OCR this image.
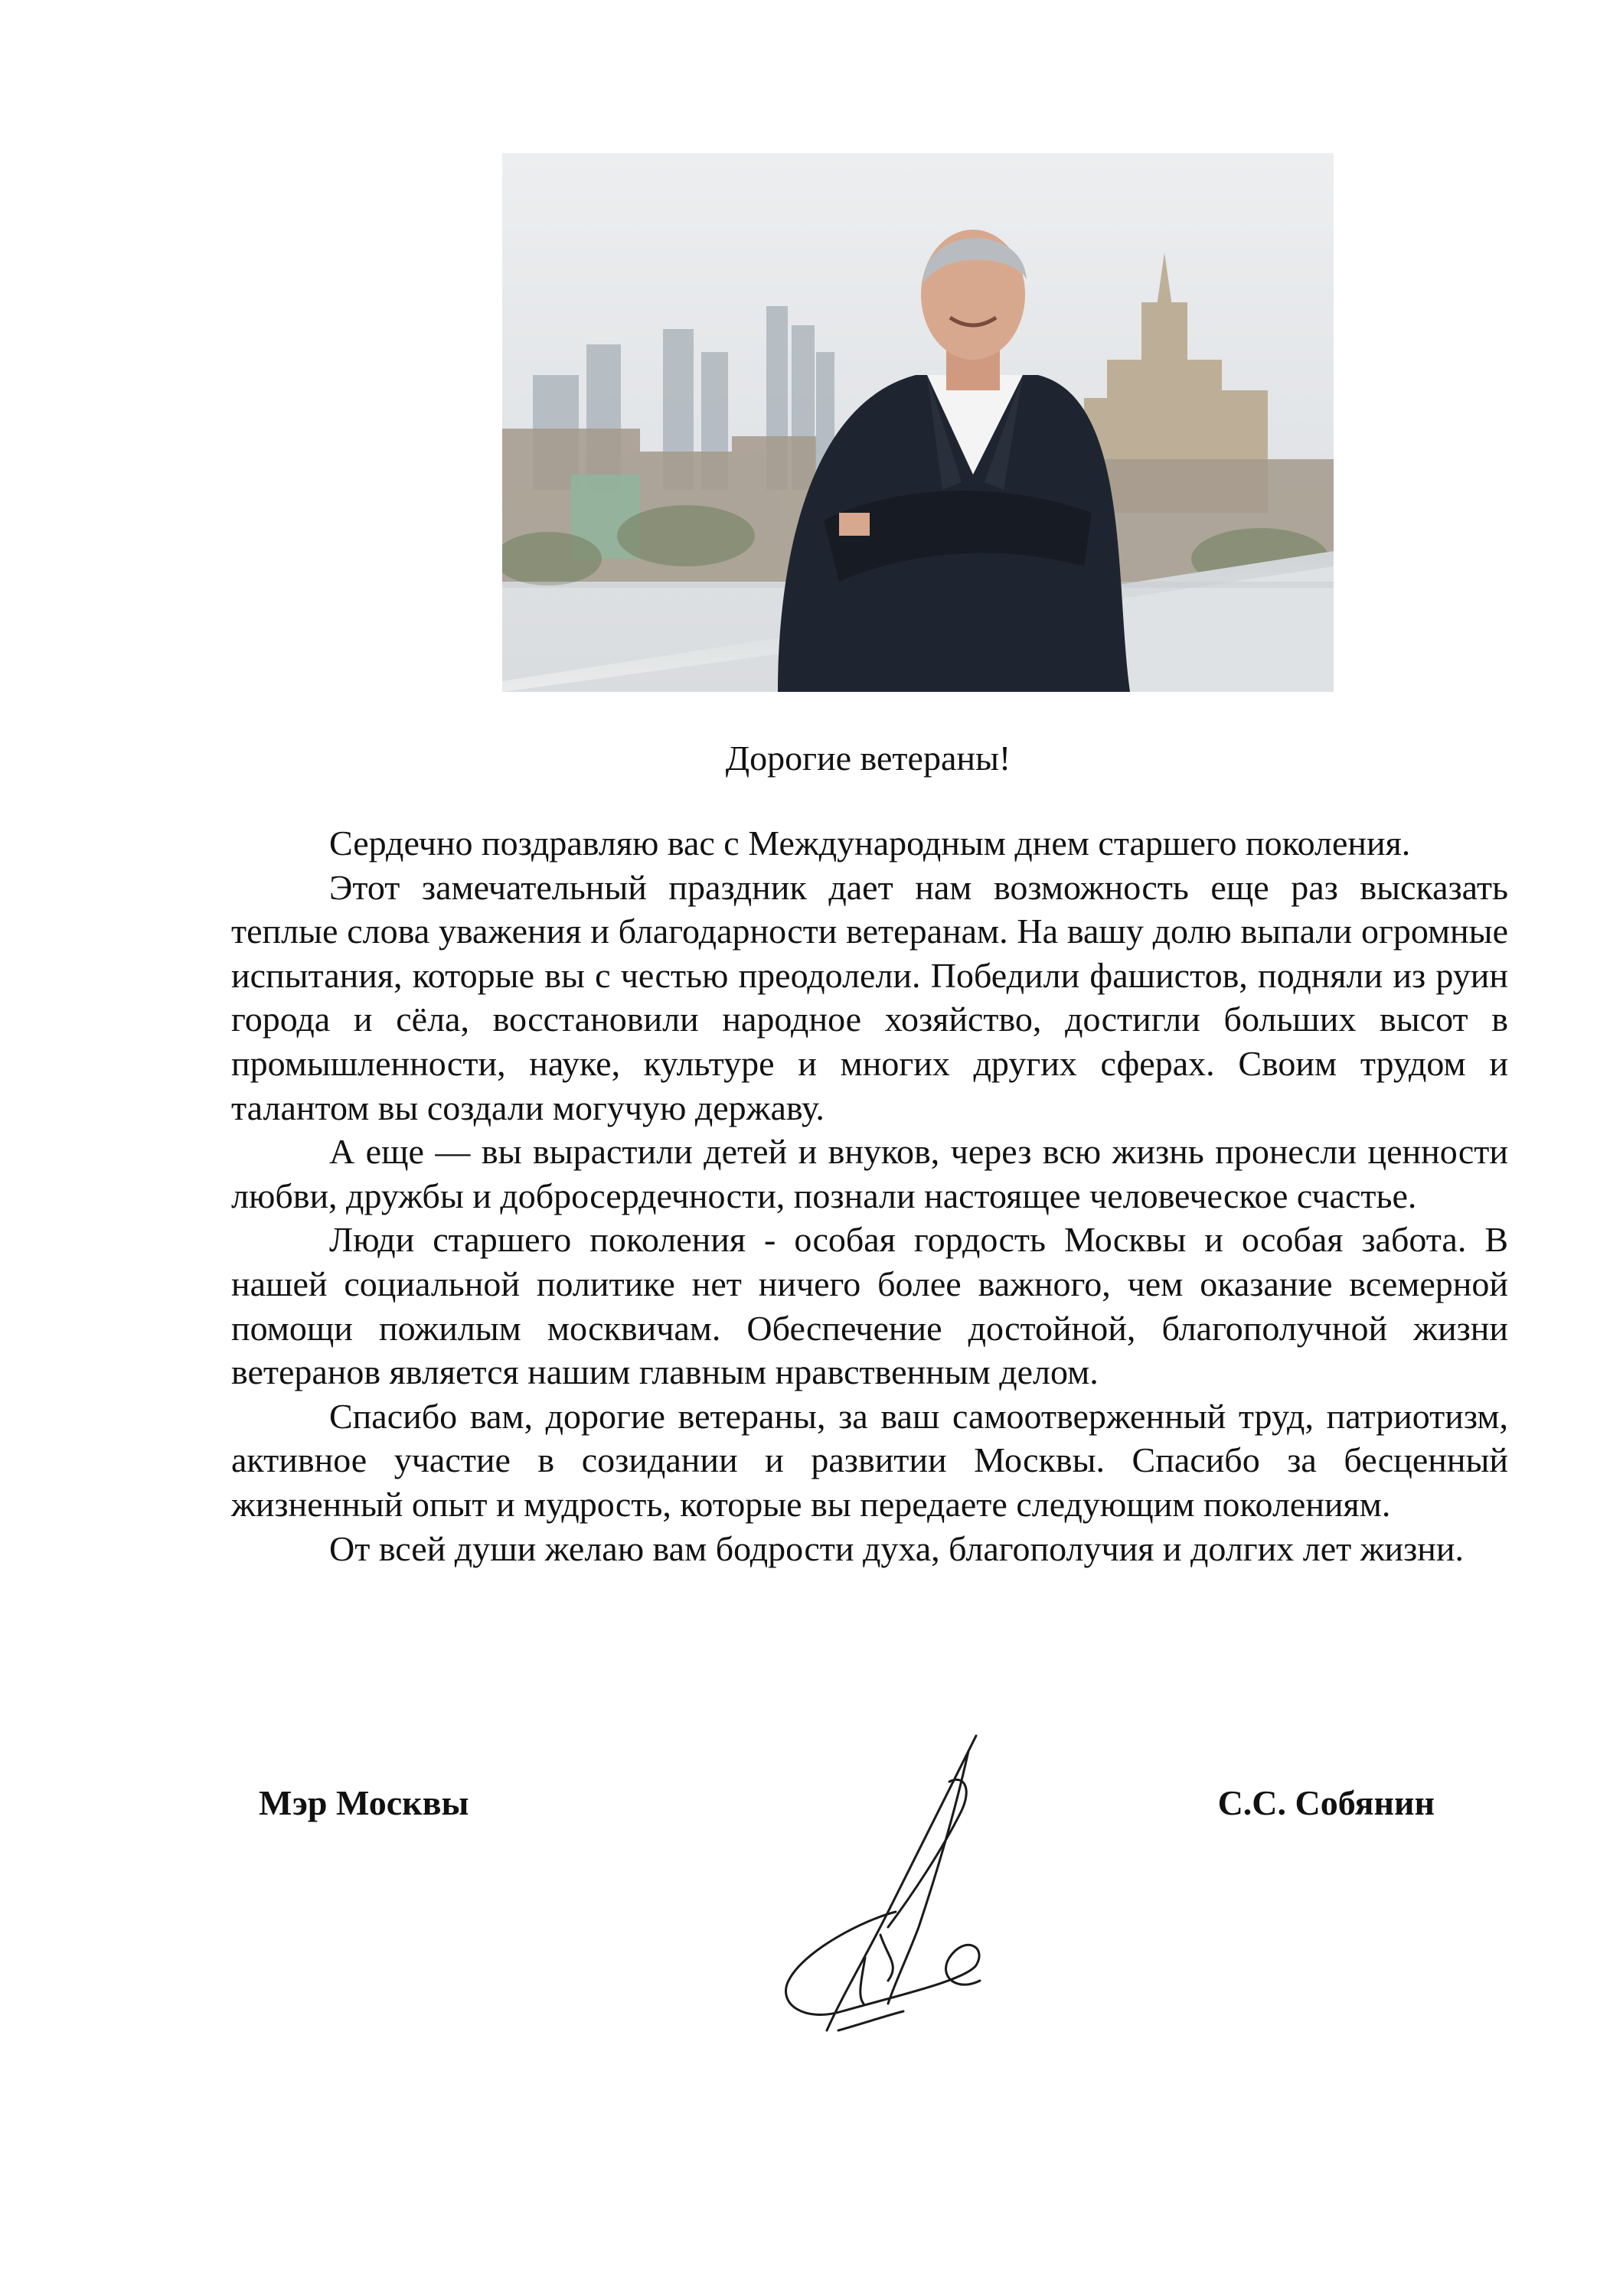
Дорогие ветераны!

Сердечно поздравляю вас с Международным днем старшего поколения.

Этот замечательный праздник дает нам возможность еще раз высказать теплые слова уважения и благодарности ветеранам. На вашу долю выпали огромные испытания, которые вы с честью преодолели. Победили фашистов, подняли из руин города и сёла, восстановили народное хозяйство, достигли больших высот в промышленности, науке, культуре и многих других сферах. Своим трудом и талантом вы создали могучую державу.

А еще — вы вырастили детей и внуков, через всю жизнь пронесли ценности любви, дружбы и добросердечности, познали настоящее человеческое счастье.

Люди старшего поколения - особая гордость Москвы и особая забота. В нашей социальной политике нет ничего более важного, чем оказание всемерной помощи пожилым москвичам. Обеспечение достойной, благополучной жизни ветеранов является нашим главным нравственным делом.

Спасибо вам, дорогие ветераны, за ваш самоотверженный труд, патриотизм, активное участие в созидании и развитии Москвы. Спасибо за бесценный жизненный опыт и мудрость, которые вы передаете следующим поколениям.

От всей души желаю вам бодрости духа, благополучия и долгих лет жизни.

Мэр Москвы	С.С. Собянин
